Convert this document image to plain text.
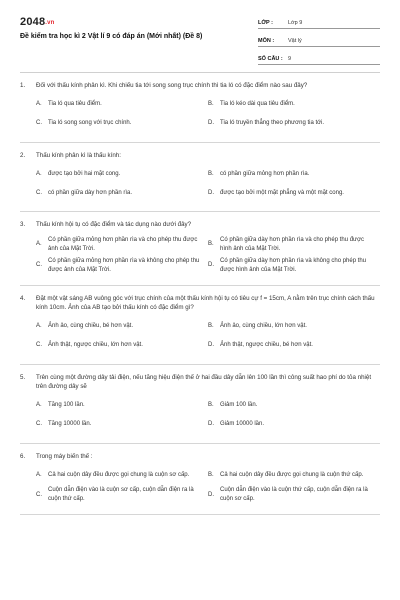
2048.vn
Đề kiểm tra học kì 2 Vật lí 9 có đáp án (Mới nhất) (Đề 8)
LỚP :	Lớp 9
MÔN :	Vật lý
SỐ CÂU : 9
1.	Đối với thấu kính phân kì. Khi chiếu tia tới song song trục chính thì tia ló có đặc điểm nào sau đây?
A.	Tia ló qua tiêu điểm.	B.	Tia ló kéo dài qua tiêu điểm.
C.	Tia ló song song với trục chính.	D.	Tia ló truyền thẳng theo phương tia tới.
2.	Thấu kính phân kì là thấu kính:
A.	được tạo bởi hai mặt cong.	B.	có phần giữa mỏng hơn phần rìa.
C.	có phần giữa dày hơn phần rìa.	D.	được tạo bởi một mặt phẳng và một mặt cong.
3.	Thấu kính hội tụ có đặc điểm và tác dụng nào dưới đây?
A.
Có phần giữa mỏng hơn phần rìa và cho phép thu được ảnh của Mặt Trời.
B.
Có phần giữa dày hơn phần rìa và cho phép thu được hình ảnh của Mặt Trời.
C.
Có phần giữa mỏng hơn phần rìa và không cho phép thu được ảnh của Mặt Trời.
D.
Có phần giữa dày hơn phần rìa và không cho phép thu được hình ảnh của Mặt Trời.
4.	Đặt một vật sáng AB vuông góc với trục chính của một thấu kính hội tụ có tiêu cự f = 15cm, A nằm trên trục chính cách thấu kính 10cm. Ảnh của AB tạo bởi thấu kính có đặc điểm gì?
A.	Ảnh ảo, cùng chiều, bé hơn vật.	B.	Ảnh ảo, cùng chiều, lớn hơn vật.
C.	Ảnh thật, ngược chiều, lớn hơn vật.	D.	Ảnh thật, ngược chiều, bé hơn vật.
5.	Trên cùng một đường dây tải điện, nếu tăng hiệu điện thế ở hai đầu dây dẫn lên 100 lần thì công suất hao phí do tỏa nhiệt trên đường dây sẽ
A.	Tăng 100 lần.	B.	Giảm 100 lần.
C.	Tăng 10000 lần.	D.	Giảm 10000 lần.
6.	Trong máy biến thế :
A.	Cả hai cuộn dây đều được gọi chung là cuộn sơ cấp.	B.	Cả hai cuộn dây đều được gọi chung là cuộn thứ cấp.
C.
Cuộn dẫn điện vào là cuộn sơ cấp, cuộn dẫn điện ra là cuộn thứ cấp.
D.
Cuộn dẫn điện vào là cuộn thứ cấp, cuộn dẫn điện ra là cuộn sơ cấp.
